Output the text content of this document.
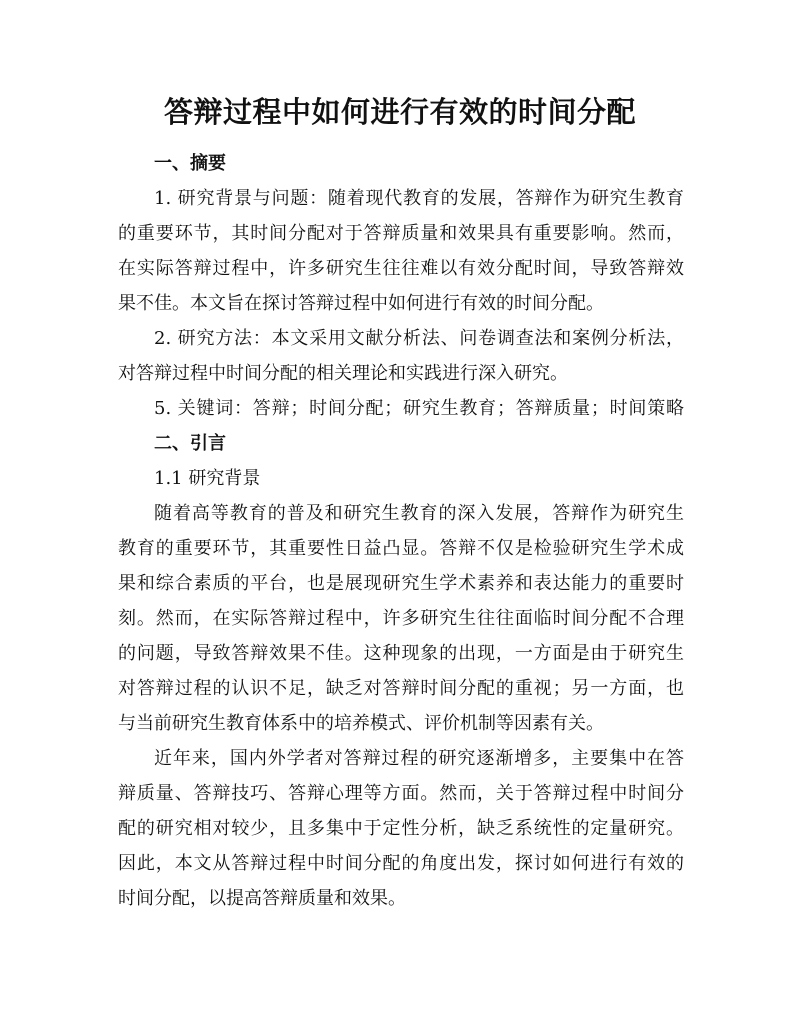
答辩过程中如何进行有效的时间分配
一、摘要

1. 研究背景与问题：随着现代教育的发展，答辩作为研究生教育
的重要环节，其时间分配对于答辩质量和效果具有重要影响。然而，
在实际答辩过程中，许多研究生往往难以有效分配时间，导致答辩效
果不佳。本文旨在探讨答辩过程中如何进行有效的时间分配。

2. 研究方法：本文采用文献分析法、问卷调查法和案例分析法，
对答辩过程中时间分配的相关理论和实践进行深入研究。

5. 关键词：答辩；时间分配；研究生教育；答辩质量；时间策略

二、引言
1.1 研究背景

随着高等教育的普及和研究生教育的深入发展，答辩作为研究生
教育的重要环节，其重要性日益凸显。答辩不仅是检验研究生学术成
果和综合素质的平台，也是展现研究生学术素养和表达能力的重要时
刻。然而，在实际答辩过程中，许多研究生往往面临时间分配不合理
的问题，导致答辩效果不佳。这种现象的出现，一方面是由于研究生
对答辩过程的认识不足，缺乏对答辩时间分配的重视；另一方面，也
与当前研究生教育体系中的培养模式、评价机制等因素有关。

近年来，国内外学者对答辩过程的研究逐渐增多，主要集中在答
辩质量、答辩技巧、答辩心理等方面。然而，关于答辩过程中时间分
配的研究相对较少，且多集中于定性分析，缺乏系统性的定量研究。
因此，本文从答辩过程中时间分配的角度出发，探讨如何进行有效的
时间分配，以提高答辩质量和效果。
